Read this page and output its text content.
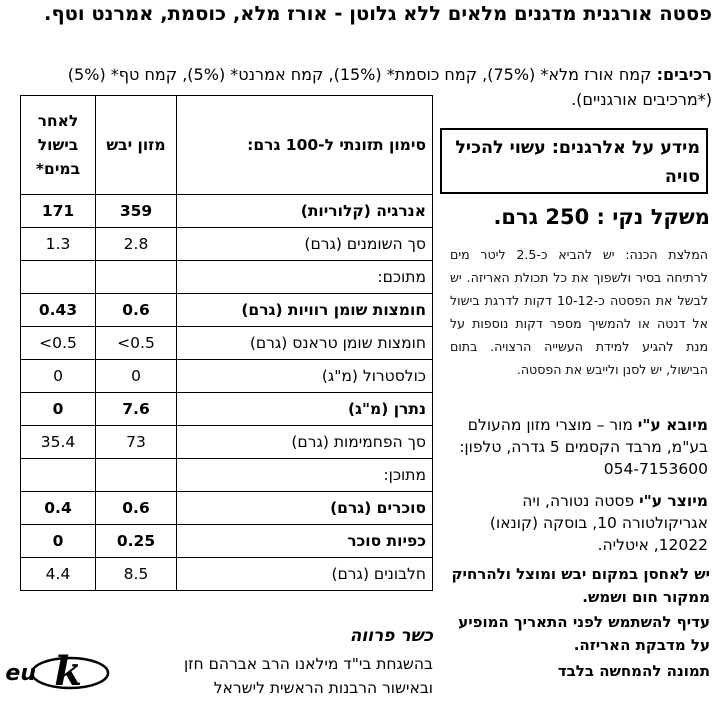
פסטה אורגנית מדגנים מלאים ללא גלוטן - אורז מלא, כוסמת, אמרנט וטף.
רכיבים: קמח אורז מלא* (75%), קמח כוסמת* (15%), קמח אמרנט* (5%), קמח טף* (5%) (*מרכיבים אורגניים).
סימון תזונתי ל-100 גרם:	מזון יבש	לאחר בישול במים*
אנרגיה (קלוריות)	359	171
סך השומנים (גרם)	2.8	1.3
מתוכם:		
חומצות שומן רוויות (גרם)	0.6	0.43
חומצות שומן טראנס (גרם)	0.5>	0.5>
כולסטרול (מ"ג)	0	0
נתרן (מ"ג)	7.6	0
סך הפחמימות (גרם)	73	35.4
מתוכן:		
סוכרים (גרם)	0.6	0.4
כפיות סוכר	0.25	0
חלבונים (גרם)	8.5	4.4
כשר פרווה
בהשגחת בי"ד מילאנו הרב אברהם חזן ובאישור הרבנות הראשית לישראל
eu k
מידע על אלרגנים: עשוי להכיל סויה
משקל נקי : 250 גרם.
המלצת הכנה: יש להביא כ-2.5 ליטר מים לרתיחה בסיר ולשפוך את כל תכולת האריזה. יש לבשל את הפסטה כ-10-12 דקות לדרגת בישול אל דנטה או להמשיך מספר דקות נוספות על מנת להגיע למידת העשייה הרצויה. בתום הבישול, יש לסנן ולייבש את הפסטה.
מיובא ע"י מור – מוצרי מזון מהעולם בע"מ, מרבד הקסמים 5 גדרה, טלפון: 054-7153600
מיוצר ע"י פסטה נטורה, ויה אגריקולטורה 10, בוסקה (קונאו) 12022, איטליה.
יש לאחסן במקום יבש ומוצל ולהרחיק ממקור חום ושמש.
עדיף להשתמש לפני התאריך המופיע על מדבקת האריזה.
תמונה להמחשה בלבד
